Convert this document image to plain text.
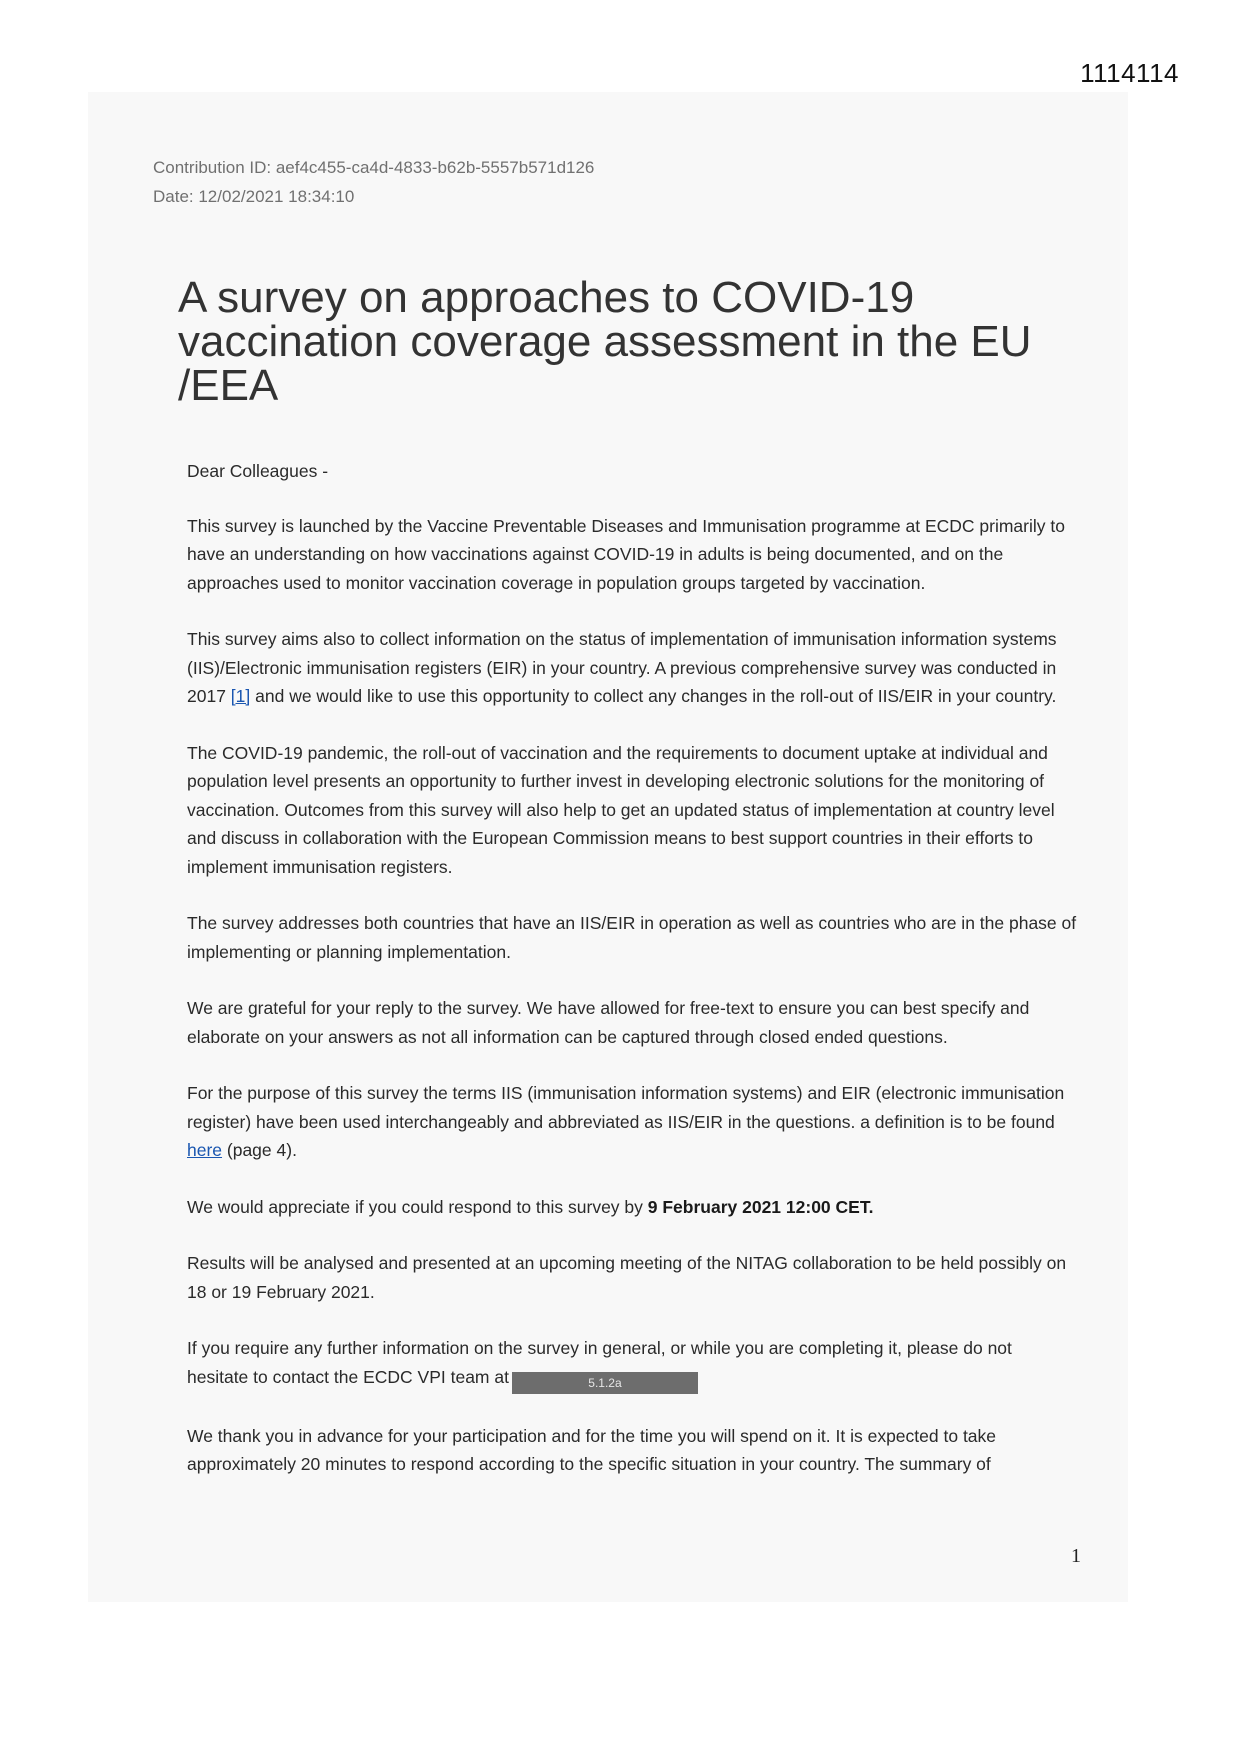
1114114
Contribution ID: aef4c455-ca4d-4833-b62b-5557b571d126
Date: 12/02/2021 18:34:10
A survey on approaches to COVID-19 vaccination coverage assessment in the EU /EEA

Dear Colleagues -

This survey is launched by the Vaccine Preventable Diseases and Immunisation programme at ECDC primarily to have an understanding on how vaccinations against COVID-19 in adults is being documented, and on the approaches used to monitor vaccination coverage in population groups targeted by vaccination.

This survey aims also to collect information on the status of implementation of immunisation information systems (IIS)/Electronic immunisation registers (EIR) in your country. A previous comprehensive survey was conducted in 2017 [1] and we would like to use this opportunity to collect any changes in the roll-out of IIS/EIR in your country.

The COVID-19 pandemic, the roll-out of vaccination and the requirements to document uptake at individual and population level presents an opportunity to further invest in developing electronic solutions for the monitoring of vaccination. Outcomes from this survey will also help to get an updated status of implementation at country level and discuss in collaboration with the European Commission means to best support countries in their efforts to implement immunisation registers.

The survey addresses both countries that have an IIS/EIR in operation as well as countries who are in the phase of implementing or planning implementation.

We are grateful for your reply to the survey. We have allowed for free-text to ensure you can best specify and elaborate on your answers as not all information can be captured through closed ended questions.

For the purpose of this survey the terms IIS (immunisation information systems) and EIR (electronic immunisation register) have been used interchangeably and abbreviated as IIS/EIR in the questions. a definition is to be found here (page 4).

We would appreciate if you could respond to this survey by 9 February 2021 12:00 CET.

Results will be analysed and presented at an upcoming meeting of the NITAG collaboration to be held possibly on 18 or 19 February 2021.

If you require any further information on the survey in general, or while you are completing it, please do not hesitate to contact the ECDC VPI team at	5.1.2a

We thank you in advance for your participation and for the time you will spend on it. It is expected to take approximately 20 minutes to respond according to the specific situation in your country. The summary of

1
